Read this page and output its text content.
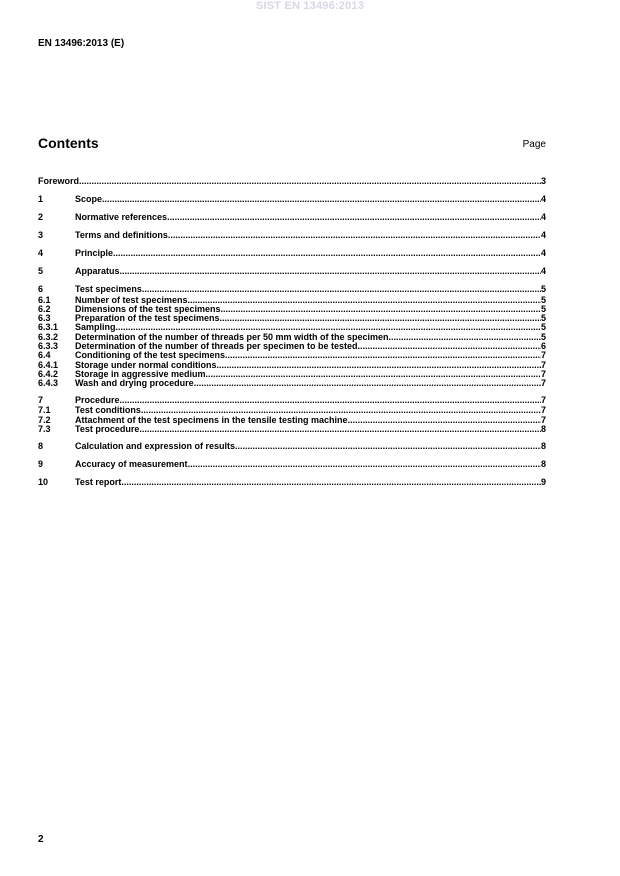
SIST EN 13496:2013
EN 13496:2013 (E)
Contents	Page
Foreword .....	3
1	Scope .....	4
2	Normative references .....	4
3	Terms and definitions .....	4
4	Principle .....	4
5	Apparatus .....	4
6	Test specimens .....	5
6.1	Number of test specimens .....	5
6.2	Dimensions of the test specimens .....	5
6.3	Preparation of the test specimens .....	5
6.3.1	Sampling .....	5
6.3.2	Determination of the number of threads per 50 mm width of the specimen .....	5
6.3.3	Determination of the number of threads per specimen to be tested .....	6
6.4	Conditioning of the test specimens .....	7
6.4.1	Storage under normal conditions .....	7
6.4.2	Storage in aggressive medium .....	7
6.4.3	Wash and drying procedure .....	7
7	Procedure .....	7
7.1	Test conditions .....	7
7.2	Attachment of the test specimens in the tensile testing machine .....	7
7.3	Test procedure .....	8
8	Calculation and expression of results .....	8
9	Accuracy of measurement .....	8
10	Test report .....	9
2
